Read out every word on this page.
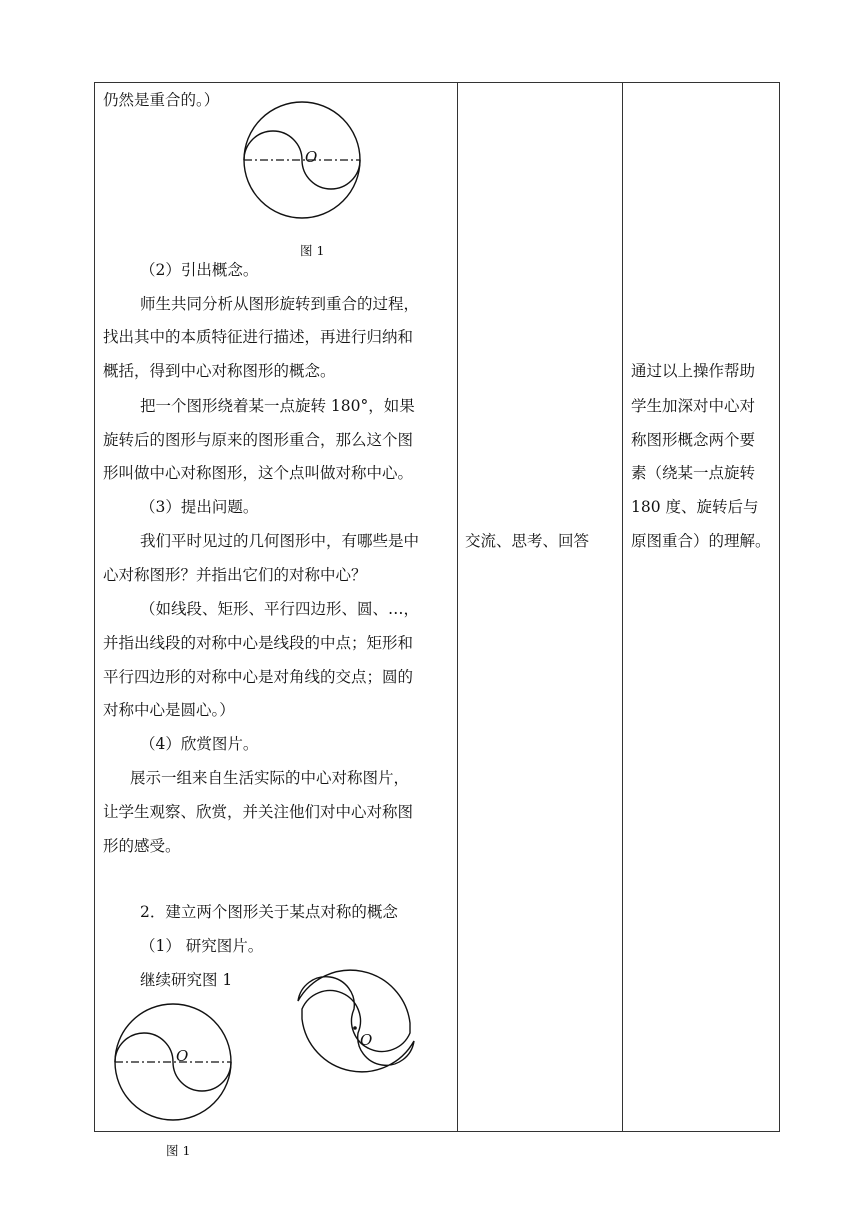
仍然是重合的。）
O
图 1
（2）引出概念。
师生共同分析从图形旋转到重合的过程，
找出其中的本质特征进行描述，再进行归纳和
概括，得到中心对称图形的概念。
把一个图形绕着某一点旋转 180°，如果
旋转后的图形与原来的图形重合，那么这个图
形叫做中心对称图形，这个点叫做对称中心。
（3）提出问题。
我们平时见过的几何图形中，有哪些是中
心对称图形？并指出它们的对称中心？
（如线段、矩形、平行四边形、圆、…，
并指出线段的对称中心是线段的中点；矩形和
平行四边形的对称中心是对角线的交点；圆的
对称中心是圆心。）
（4）欣赏图片。
展示一组来自生活实际的中心对称图片，
让学生观察、欣赏，并关注他们对中心对称图
形的感受。
2．建立两个图形关于某点对称的概念
（1） 研究图片。
继续研究图 1
O
O
图 1
交流、思考、回答
通过以上操作帮助
学生加深对中心对
称图形概念两个要
素（绕某一点旋转
180 度、旋转后与
原图重合）的理解。
